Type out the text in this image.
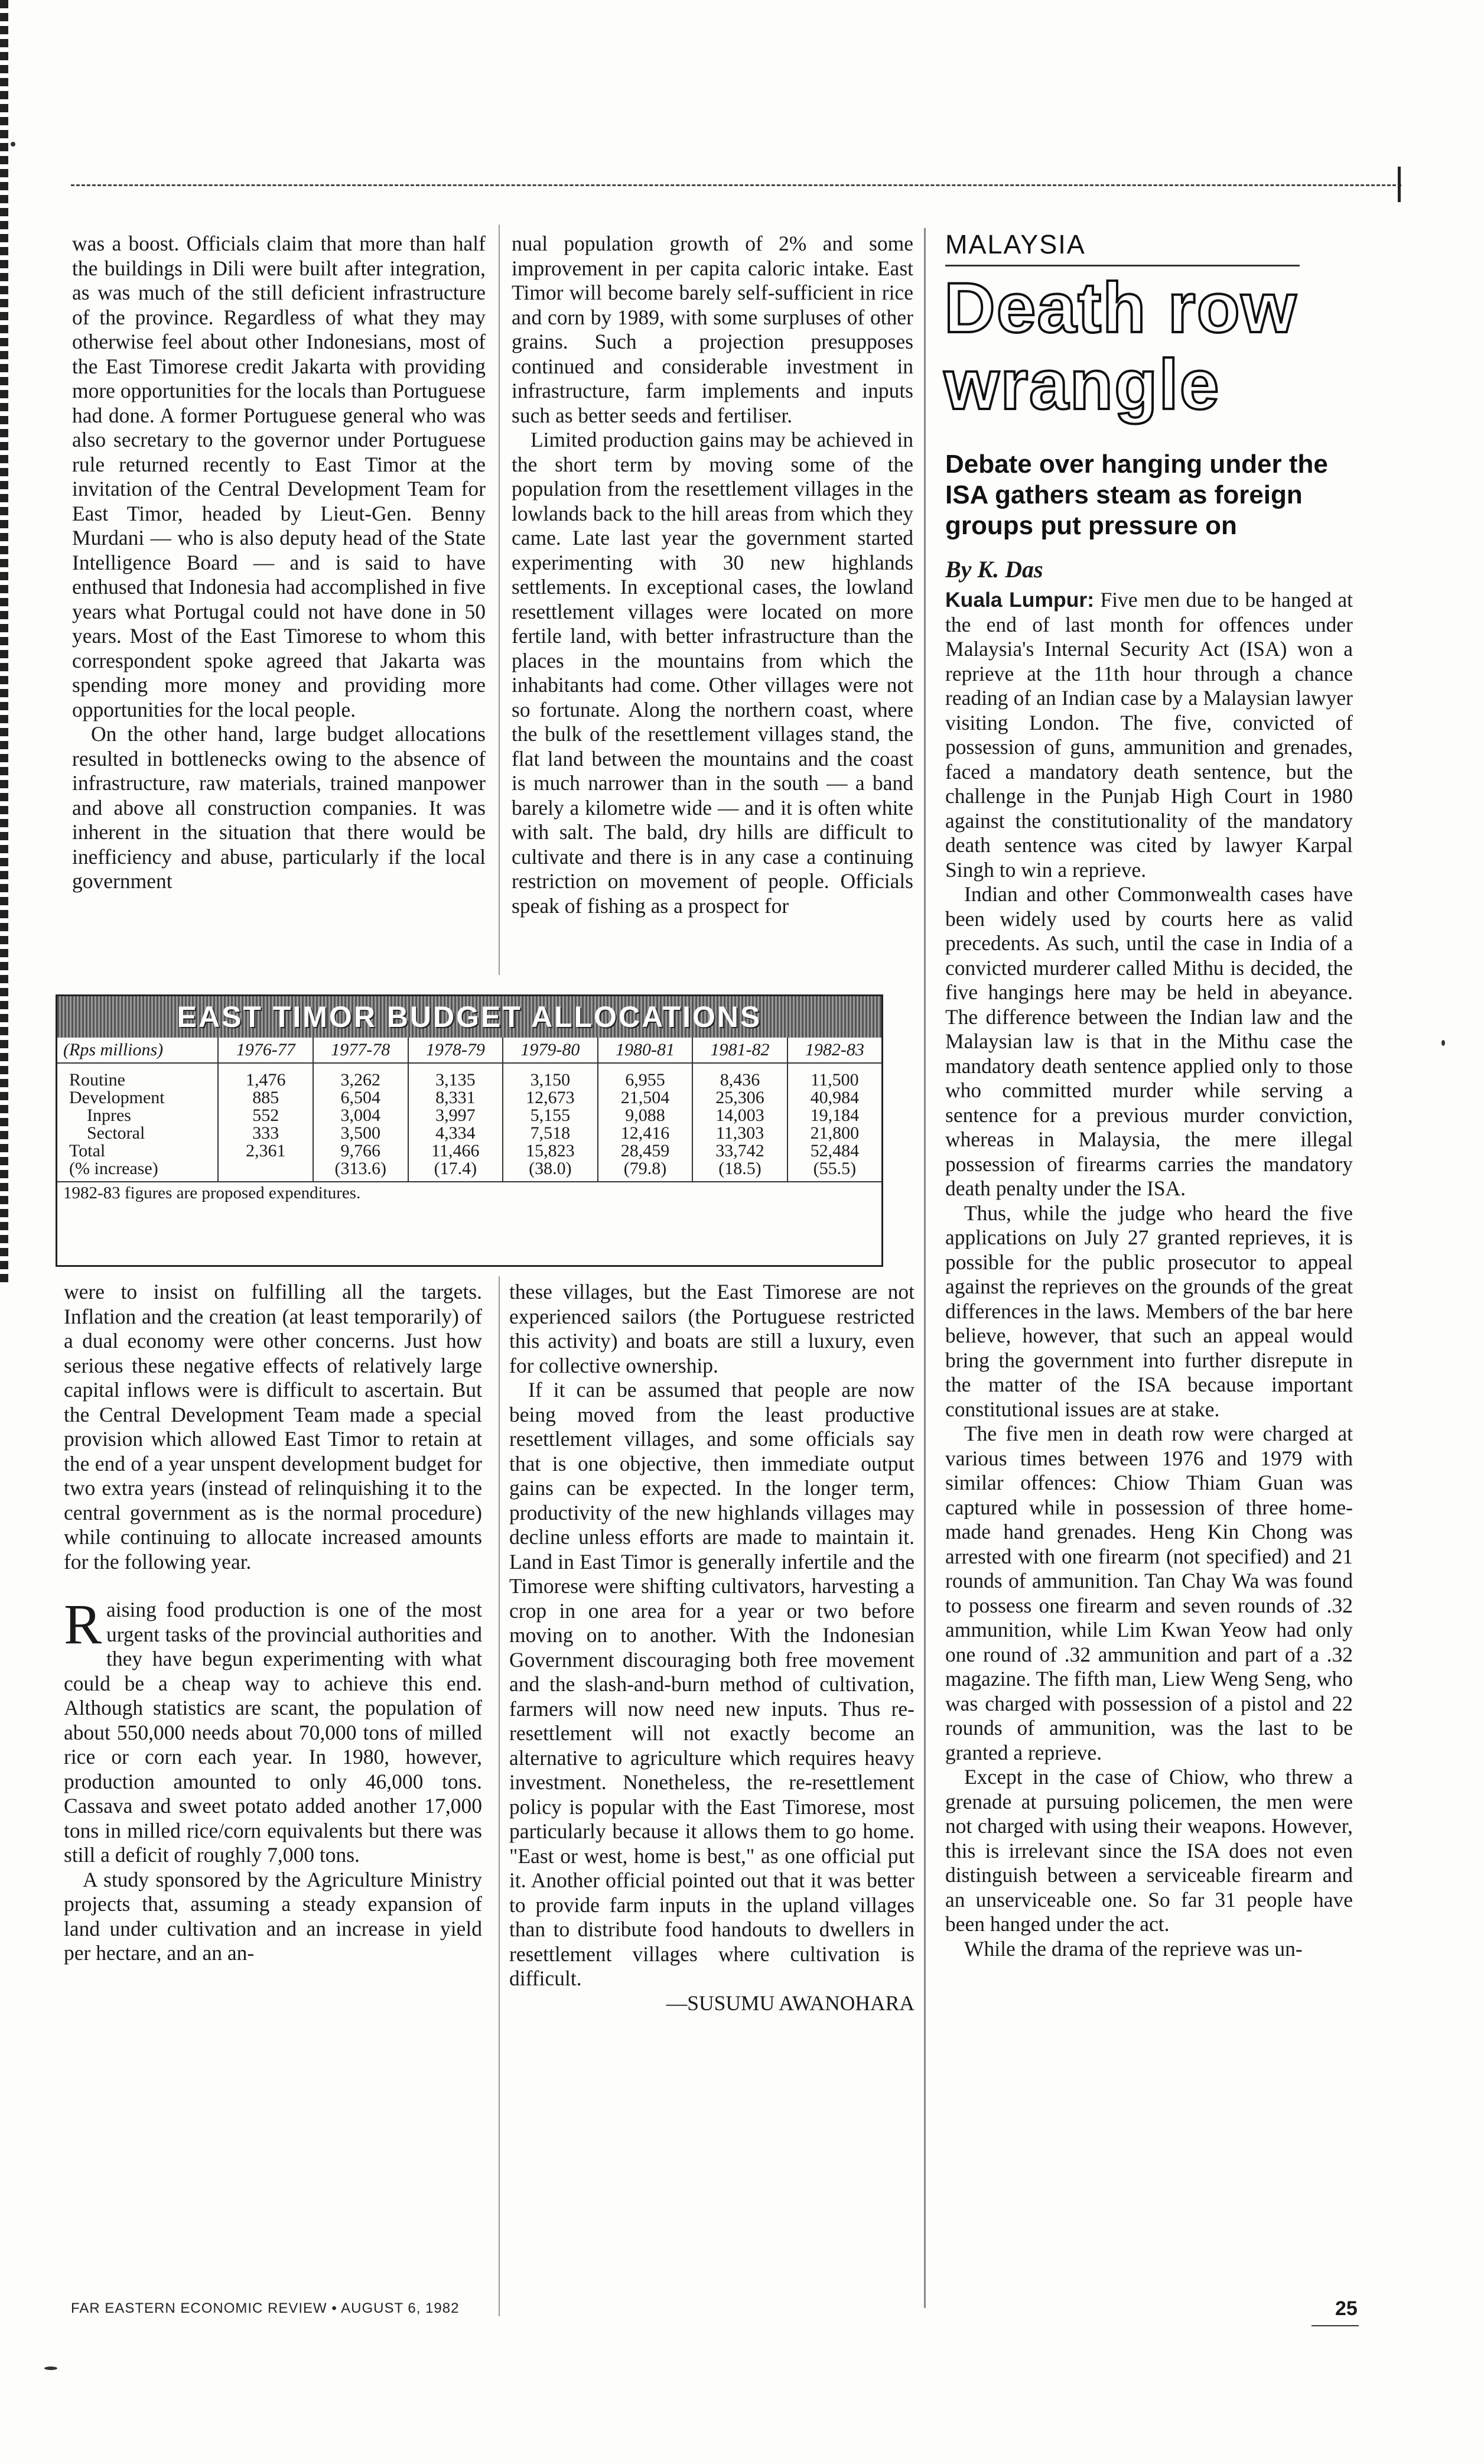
was a boost. Officials claim that more than half the buildings in Dili were built after integration, as was much of the still deficient infrastructure of the province. Regardless of what they may otherwise feel about other Indonesians, most of the East Timorese credit Jakarta with providing more opportunities for the locals than Portuguese had done. A former Portuguese general who was also secretary to the governor under Portuguese rule returned recently to East Timor at the invitation of the Central Development Team for East Timor, headed by Lieut-Gen. Benny Murdani — who is also deputy head of the State Intelligence Board — and is said to have enthused that Indonesia had accomplished in five years what Portugal could not have done in 50 years. Most of the East Timorese to whom this correspondent spoke agreed that Jakarta was spending more money and providing more opportunities for the local people.

On the other hand, large budget allocations resulted in bottlenecks owing to the absence of infrastructure, raw materials, trained manpower and above all construction companies. It was inherent in the situation that there would be inefficiency and abuse, particularly if the local government

nual population growth of 2% and some improvement in per capita caloric intake. East Timor will become barely self-sufficient in rice and corn by 1989, with some surpluses of other grains. Such a projection presupposes continued and considerable investment in infrastructure, farm implements and inputs such as better seeds and fertiliser.

Limited production gains may be achieved in the short term by moving some of the population from the resettlement villages in the lowlands back to the hill areas from which they came. Late last year the government started experimenting with 30 new highlands settlements. In exceptional cases, the lowland resettlement villages were located on more fertile land, with better infrastructure than the places in the mountains from which the inhabitants had come. Other villages were not so fortunate. Along the northern coast, where the bulk of the resettlement villages stand, the flat land between the mountains and the coast is much narrower than in the south — a band barely a kilometre wide — and it is often white with salt. The bald, dry hills are difficult to cultivate and there is in any case a continuing restriction on movement of people. Officials speak of fishing as a prospect for

EAST TIMOR BUDGET ALLOCATIONS
(Rps millions)	1976-77	1977-78	1978-79	1979-80	1980-81	1981-82	1982-83
Routine	1,476	3,262	3,135	3,150	6,955	8,436	11,500
Development	885	6,504	8,331	12,673	21,504	25,306	40,984
Inpres	552	3,004	3,997	5,155	9,088	14,003	19,184
Sectoral	333	3,500	4,334	7,518	12,416	11,303	21,800
Total	2,361	9,766	11,466	15,823	28,459	33,742	52,484
(% increase)		(313.6)	(17.4)	(38.0)	(79.8)	(18.5)	(55.5)
1982-83 figures are proposed expenditures.

were to insist on fulfilling all the targets. Inflation and the creation (at least temporarily) of a dual economy were other concerns. Just how serious these negative effects of relatively large capital inflows were is difficult to ascertain. But the Central Development Team made a special provision which allowed East Timor to retain at the end of a year unspent development budget for two extra years (instead of relinquishing it to the central government as is the normal procedure) while continuing to allocate increased amounts for the following year.

Raising food production is one of the most urgent tasks of the provincial authorities and they have begun experimenting with what could be a cheap way to achieve this end. Although statistics are scant, the population of about 550,000 needs about 70,000 tons of milled rice or corn each year. In 1980, however, production amounted to only 46,000 tons. Cassava and sweet potato added another 17,000 tons in milled rice/corn equivalents but there was still a deficit of roughly 7,000 tons.

A study sponsored by the Agriculture Ministry projects that, assuming a steady expansion of land under cultivation and an increase in yield per hectare, and an an-

these villages, but the East Timorese are not experienced sailors (the Portuguese restricted this activity) and boats are still a luxury, even for collective ownership.

If it can be assumed that people are now being moved from the least productive resettlement villages, and some officials say that is one objective, then immediate output gains can be expected. In the longer term, productivity of the new highlands villages may decline unless efforts are made to maintain it. Land in East Timor is generally infertile and the Timorese were shifting cultivators, harvesting a crop in one area for a year or two before moving on to another. With the Indonesian Government discouraging both free movement and the slash-and-burn method of cultivation, farmers will now need new inputs. Thus re-resettlement will not exactly become an alternative to agriculture which requires heavy investment. Nonetheless, the re-resettlement policy is popular with the East Timorese, most particularly because it allows them to go home. "East or west, home is best," as one official put it. Another official pointed out that it was better to provide farm inputs in the upland villages than to distribute food handouts to dwellers in resettlement villages where cultivation is difficult.

—SUSUMU AWANOHARA

MALAYSIA
Death row
wrangle
Debate over hanging under the ISA gathers steam as foreign groups put pressure on
By K. Das

Kuala Lumpur: Five men due to be hanged at the end of last month for offences under Malaysia's Internal Security Act (ISA) won a reprieve at the 11th hour through a chance reading of an Indian case by a Malaysian lawyer visiting London. The five, convicted of possession of guns, ammunition and grenades, faced a mandatory death sentence, but the challenge in the Punjab High Court in 1980 against the constitutionality of the mandatory death sentence was cited by lawyer Karpal Singh to win a reprieve.

Indian and other Commonwealth cases have been widely used by courts here as valid precedents. As such, until the case in India of a convicted murderer called Mithu is decided, the five hangings here may be held in abeyance. The difference between the Indian law and the Malaysian law is that in the Mithu case the mandatory death sentence applied only to those who committed murder while serving a sentence for a previous murder conviction, whereas in Malaysia, the mere illegal possession of firearms carries the mandatory death penalty under the ISA.

Thus, while the judge who heard the five applications on July 27 granted reprieves, it is possible for the public prosecutor to appeal against the reprieves on the grounds of the great differences in the laws. Members of the bar here believe, however, that such an appeal would bring the government into further disrepute in the matter of the ISA because important constitutional issues are at stake.

The five men in death row were charged at various times between 1976 and 1979 with similar offences: Chiow Thiam Guan was captured while in possession of three home-made hand grenades. Heng Kin Chong was arrested with one firearm (not specified) and 21 rounds of ammunition. Tan Chay Wa was found to possess one firearm and seven rounds of .32 ammunition, while Lim Kwan Yeow had only one round of .32 ammunition and part of a .32 magazine. The fifth man, Liew Weng Seng, who was charged with possession of a pistol and 22 rounds of ammunition, was the last to be granted a reprieve.

Except in the case of Chiow, who threw a grenade at pursuing policemen, the men were not charged with using their weapons. However, this is irrelevant since the ISA does not even distinguish between a serviceable firearm and an unserviceable one. So far 31 people have been hanged under the act.

While the drama of the reprieve was un-

FAR EASTERN ECONOMIC REVIEW • AUGUST 6, 1982	25
